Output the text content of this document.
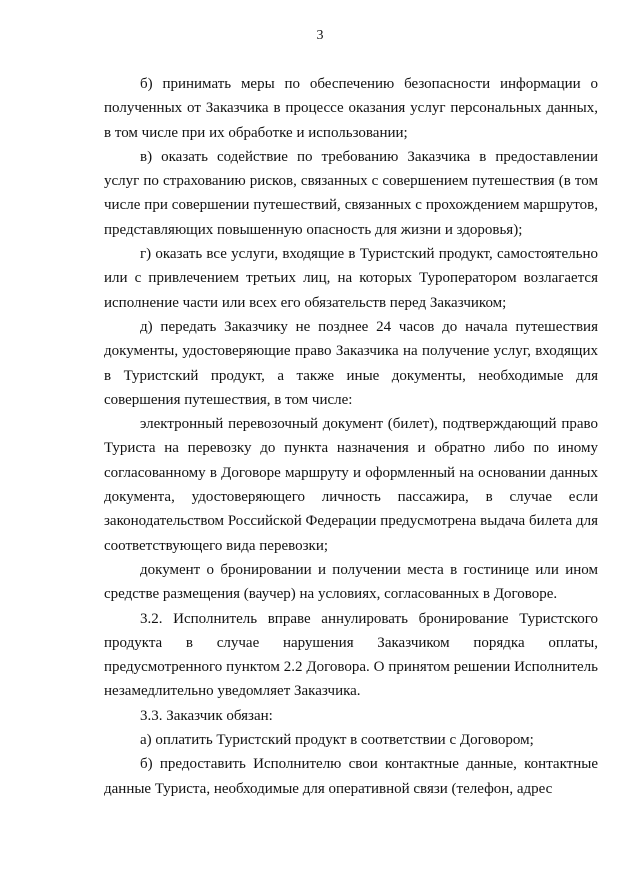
3

б) принимать меры по обеспечению безопасности информации о полученных от Заказчика в процессе оказания услуг персональных данных, в том числе при их обработке и использовании;

в) оказать содействие по требованию Заказчика в предоставлении услуг по страхованию рисков, связанных с совершением путешествия (в том числе при совершении путешествий, связанных с прохождением маршрутов, представляющих повышенную опасность для жизни и здоровья);

г) оказать все услуги, входящие в Туристский продукт, самостоятельно или с привлечением третьих лиц, на которых Туроператором возлагается исполнение части или всех его обязательств перед Заказчиком;

д) передать Заказчику не позднее 24 часов до начала путешествия документы, удостоверяющие право Заказчика на получение услуг, входящих в Туристский продукт, а также иные документы, необходимые для совершения путешествия, в том числе:

электронный перевозочный документ (билет), подтверждающий право Туриста на перевозку до пункта назначения и обратно либо по иному согласованному в Договоре маршруту и оформленный на основании данных документа, удостоверяющего личность пассажира, в случае если законодательством Российской Федерации предусмотрена выдача билета для соответствующего вида перевозки;

документ о бронировании и получении места в гостинице или ином средстве размещения (ваучер) на условиях, согласованных в Договоре.

3.2. Исполнитель вправе аннулировать бронирование Туристского продукта в случае нарушения Заказчиком порядка оплаты, предусмотренного пунктом 2.2 Договора. О принятом решении Исполнитель незамедлительно уведомляет Заказчика.

3.3. Заказчик обязан:

а) оплатить Туристский продукт в соответствии с Договором;

б) предоставить Исполнителю свои контактные данные, контактные данные Туриста, необходимые для оперативной связи (телефон, адрес
